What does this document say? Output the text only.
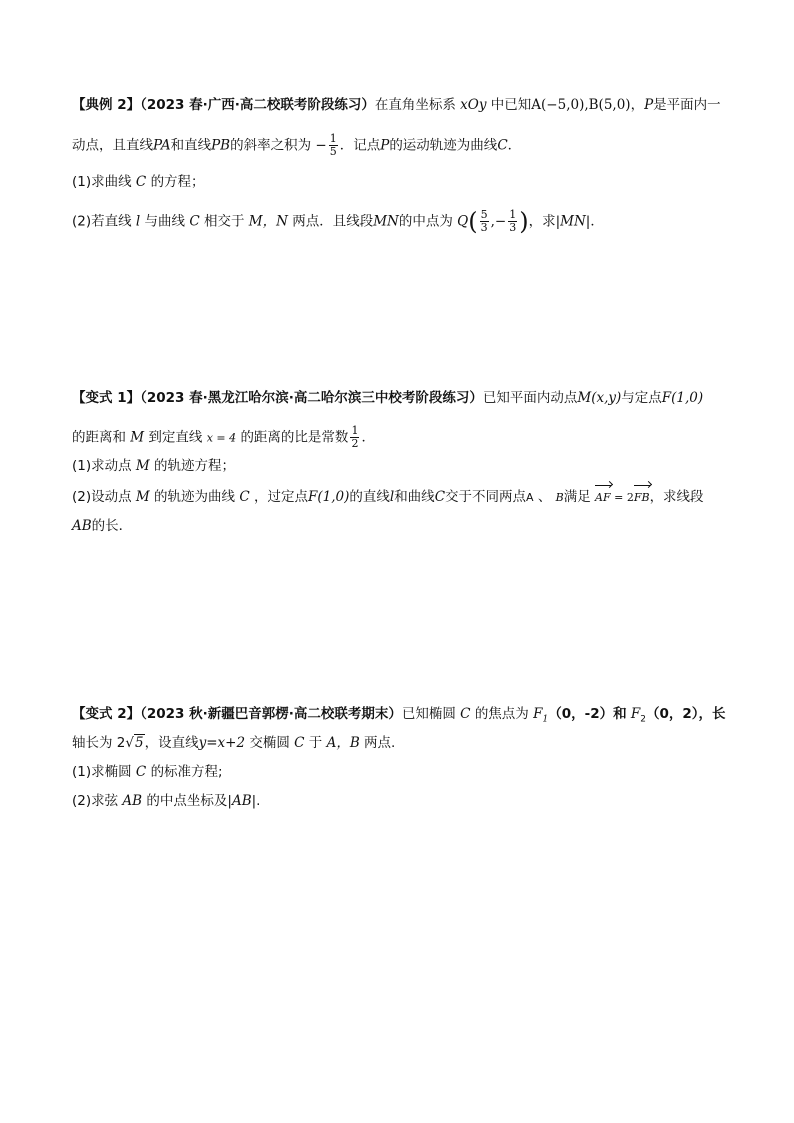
【典例 2】（2023 春·广西·高二校联考阶段练习）在直角坐标系 xOy 中已知A(−5,0),B(5,0)，P是平面内一
动点，且直线PA和直线PB的斜率之积为 − $\frac{1}{5}$ ．记点P的运动轨迹为曲线C．
(1)求曲线 C 的方程；
(2)若直线 l 与曲线 C 相交于 M，N 两点．且线段MN的中点为 $Q( \frac{5}{3}$ ,− $\frac{1}{3}$ )，求|MN|．
【变式 1】（2023 春·黑龙江哈尔滨·高二哈尔滨三中校考阶段练习）已知平面内动点M(x,y)与定点F(1,0)
的距离和 M 到定直线 x = 4 的距离的比是常数 $\frac{1}{2}$ ．
(1)求动点 M 的轨迹方程；
(2)设动点 M 的轨迹为曲线 C ，过定点F(1,0)的直线l和曲线C交于不同两点A 、 B满足 AF = 2FB，求线段
AB的长．
【变式 2】（2023 秋·新疆巴音郭楞·高二校联考期末）已知椭圆 C 的焦点为 $F_1(0$，-2）和 $F_2(0$，2），长
轴长为 2√5，设直线y=x+2 交椭圆 C 于 A，B 两点.
(1)求椭圆 C 的标准方程;
(2)求弦 AB 的中点坐标及|AB|.
